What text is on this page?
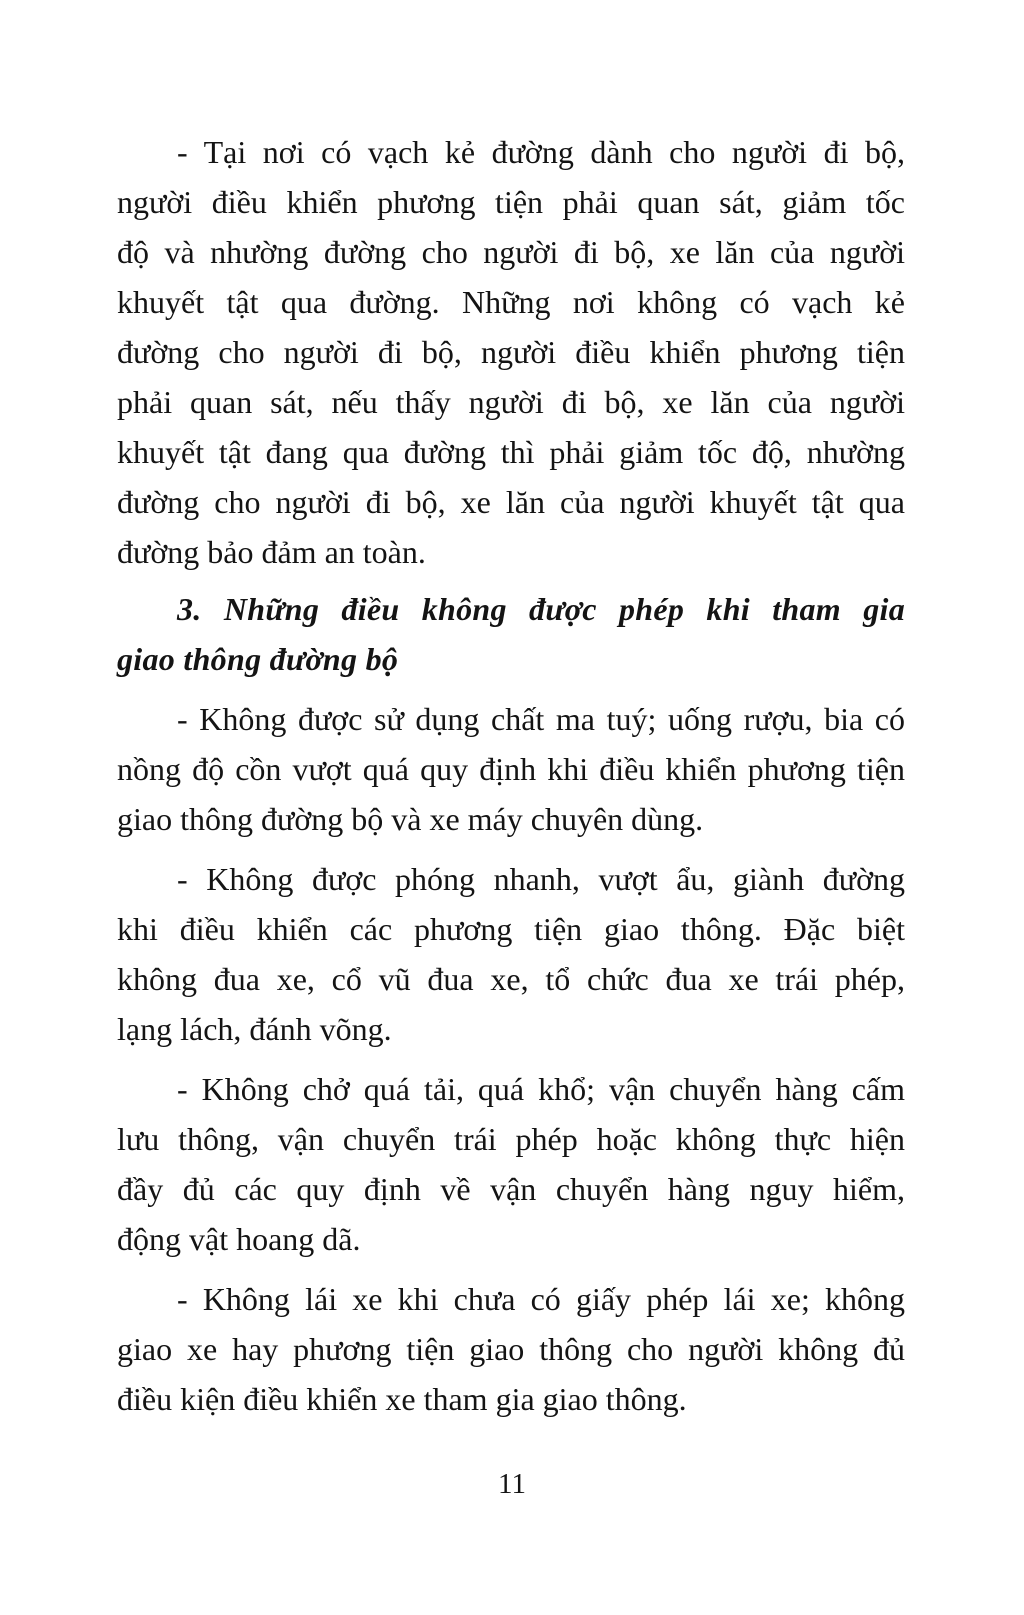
- Tại nơi có vạch kẻ đường dành cho người đi bộ,
người điều khiển phương tiện phải quan sát, giảm tốc
độ và nhường đường cho người đi bộ, xe lăn của người
khuyết tật qua đường. Những nơi không có vạch kẻ
đường cho người đi bộ, người điều khiển phương tiện
phải quan sát, nếu thấy người đi bộ, xe lăn của người
khuyết tật đang qua đường thì phải giảm tốc độ, nhường
đường cho người đi bộ, xe lăn của người khuyết tật qua
đường bảo đảm an toàn.
3. Những điều không được phép khi tham gia
giao thông đường bộ
- Không được sử dụng chất ma tuý; uống rượu, bia có
nồng độ cồn vượt quá quy định khi điều khiển phương tiện
giao thông đường bộ và xe máy chuyên dùng.
- Không được phóng nhanh, vượt ẩu, giành đường
khi điều khiển các phương tiện giao thông. Đặc biệt
không đua xe, cổ vũ đua xe, tổ chức đua xe trái phép,
lạng lách, đánh võng.
- Không chở quá tải, quá khổ; vận chuyển hàng cấm
lưu thông, vận chuyển trái phép hoặc không thực hiện
đầy đủ các quy định về vận chuyển hàng nguy hiểm,
động vật hoang dã.
- Không lái xe khi chưa có giấy phép lái xe; không
giao xe hay phương tiện giao thông cho người không đủ
điều kiện điều khiển xe tham gia giao thông.
11
